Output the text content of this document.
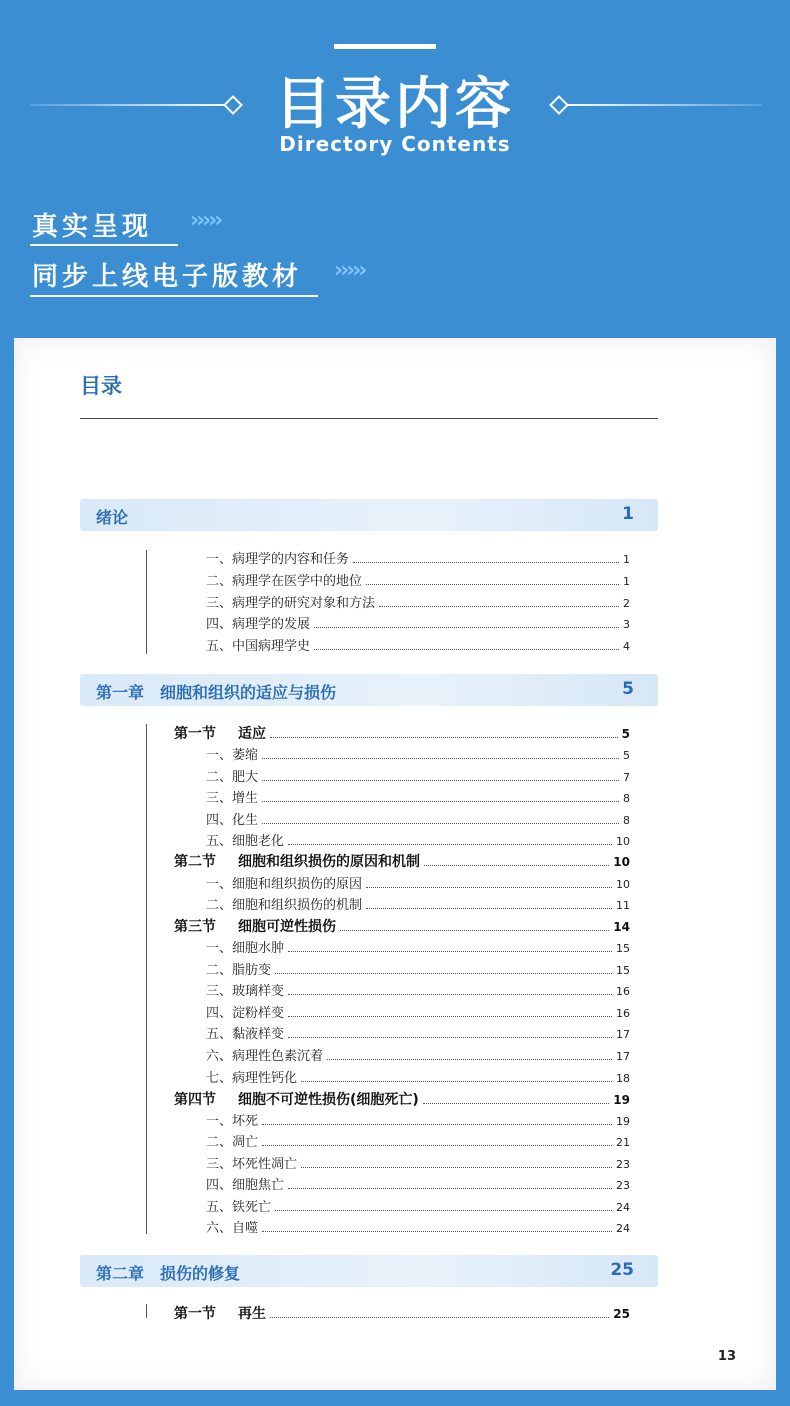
目录内容
Directory Contents
真实呈现 ›››››
同步上线电子版教材 ›››››
目录
绪论	1
一、病理学的内容和任务	1
二、病理学在医学中的地位	1
三、病理学的研究对象和方法	2
四、病理学的发展	3
五、中国病理学史	4
第一章　细胞和组织的适应与损伤	5
第一节	适应	5
一、萎缩	5
二、肥大	7
三、增生	8
四、化生	8
五、细胞老化	10
第二节	细胞和组织损伤的原因和机制	10
一、细胞和组织损伤的原因	10
二、细胞和组织损伤的机制	11
第三节	细胞可逆性损伤	14
一、细胞水肿	15
二、脂肪变	15
三、玻璃样变	16
四、淀粉样变	16
五、黏液样变	17
六、病理性色素沉着	17
七、病理性钙化	18
第四节	细胞不可逆性损伤(细胞死亡)	19
一、坏死	19
二、凋亡	21
三、坏死性凋亡	23
四、细胞焦亡	23
五、铁死亡	24
六、自噬	24
第二章　损伤的修复	25
第一节	再生	25
13
